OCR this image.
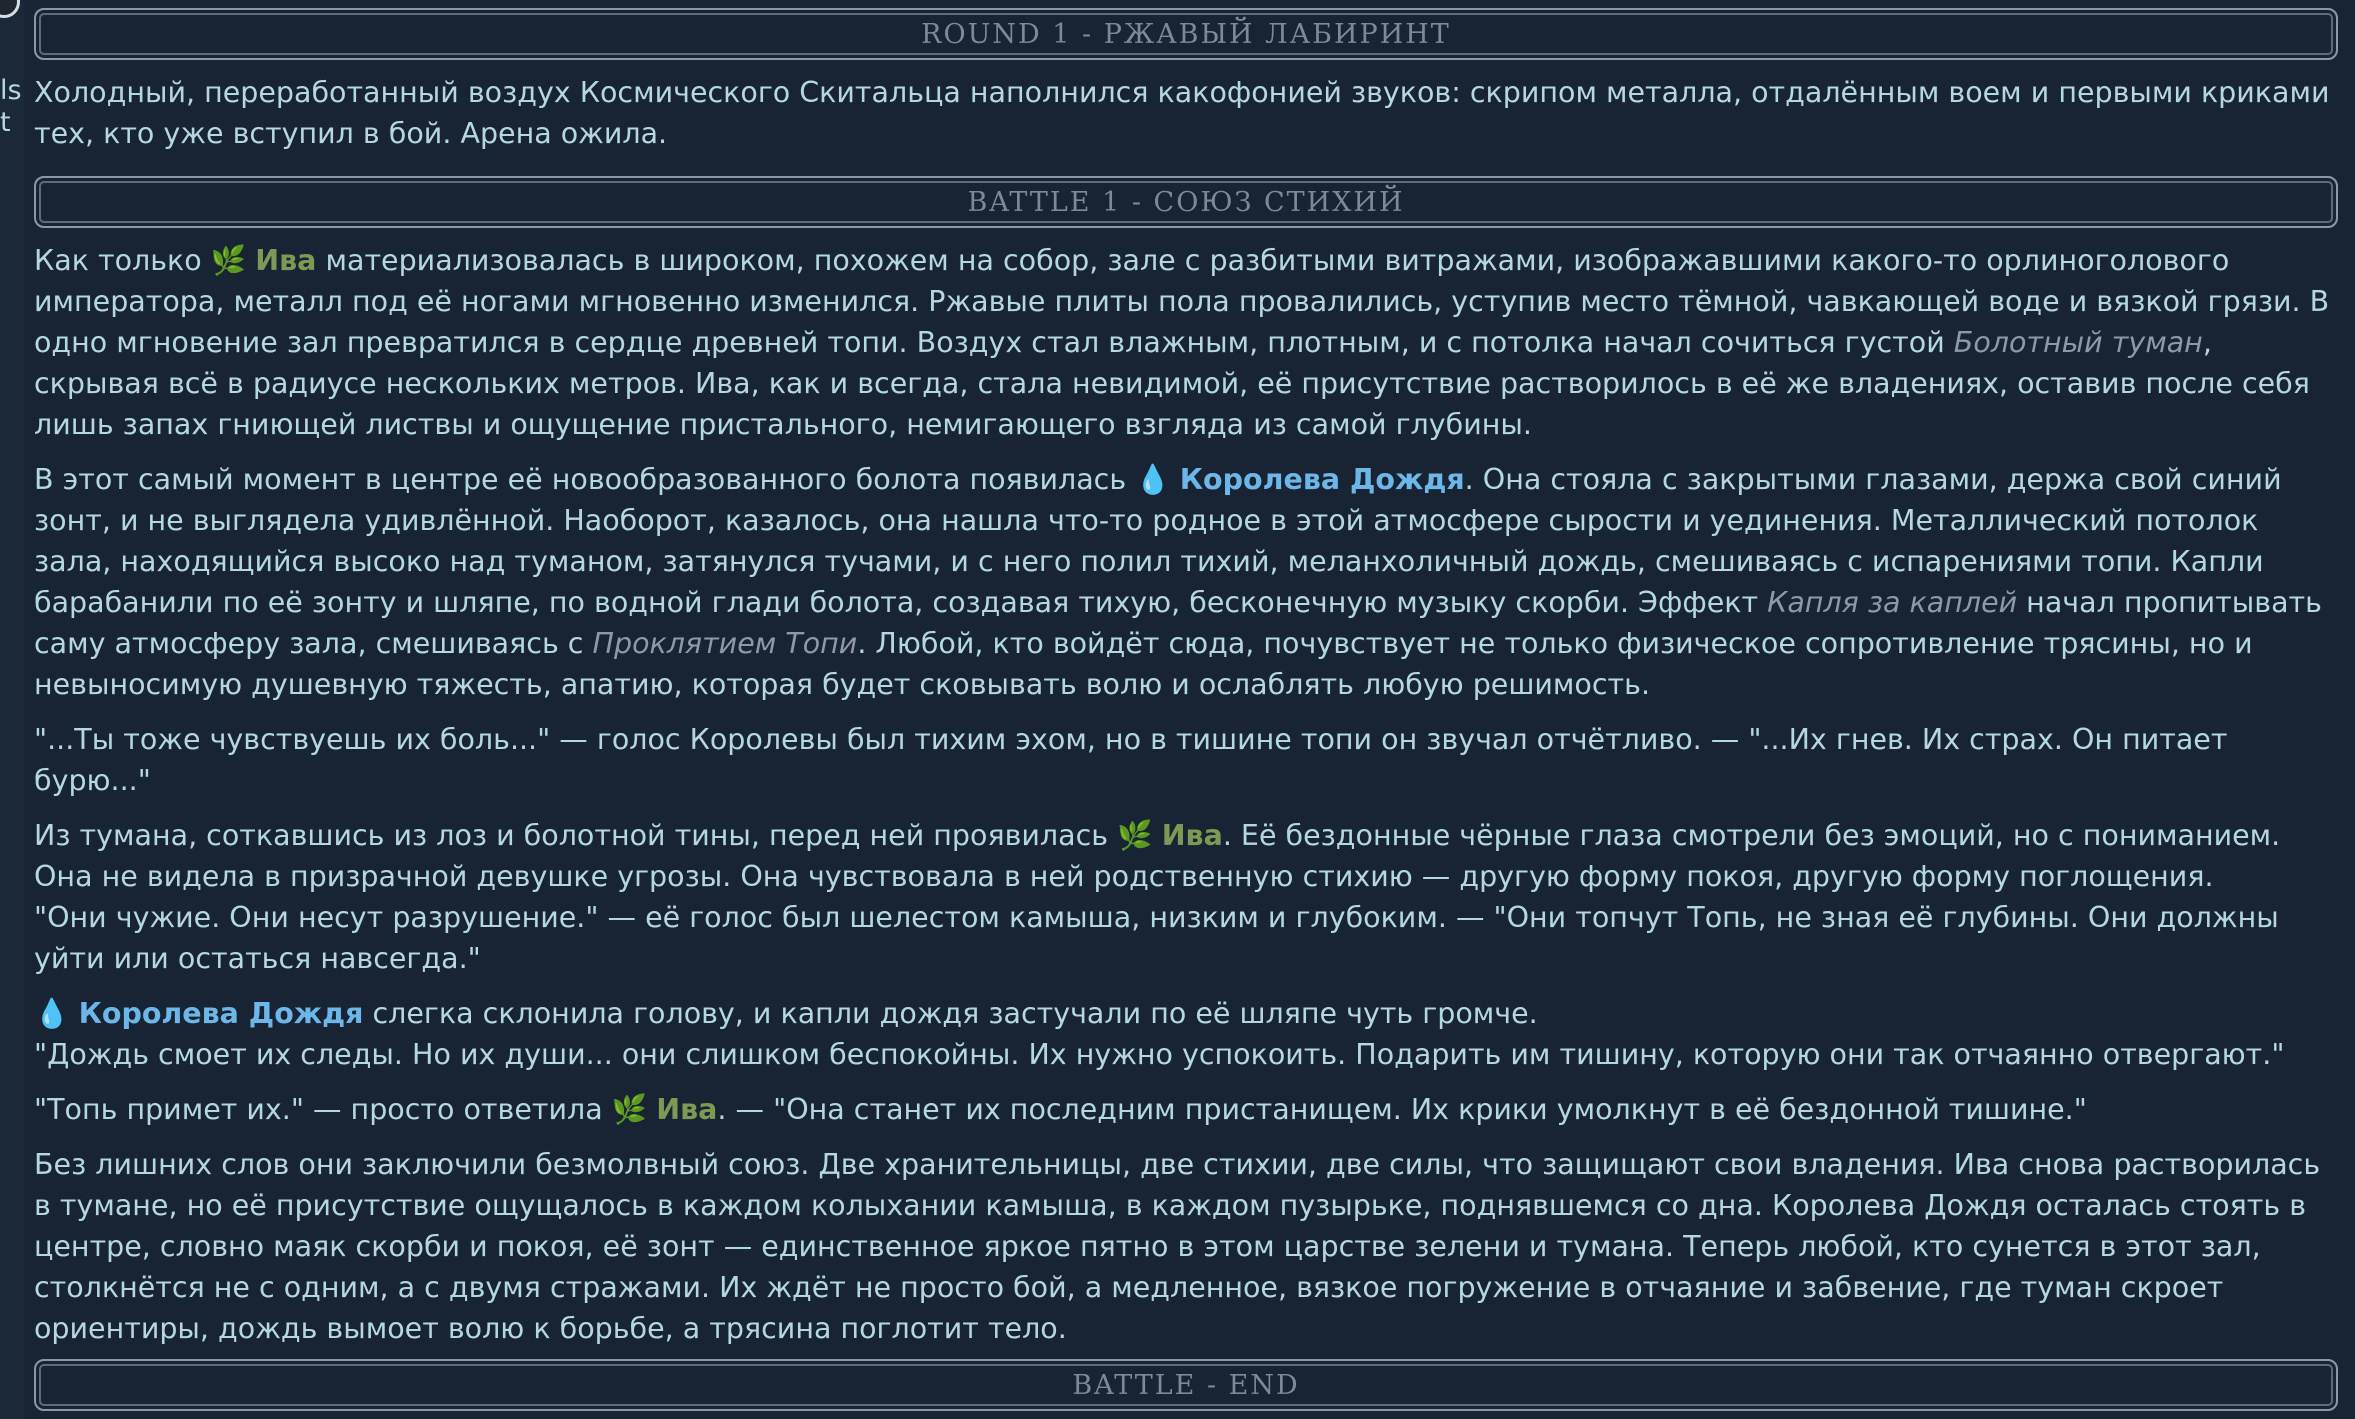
ls
t
ROUND 1 - РЖАВЫЙ ЛАБИРИНТ

Холодный, переработанный воздух Космического Скитальца наполнился какофонией звуков: скрипом металла, отдалённым воем и первыми криками тех, кто уже вступил в бой. Арена ожила.

BATTLE 1 - СОЮЗ СТИХИЙ

Как только 🌿 Ива материализовалась в широком, похожем на собор, зале с разбитыми витражами, изображавшими какого-то орлиноголового императора, металл под её ногами мгновенно изменился. Ржавые плиты пола провалились, уступив место тёмной, чавкающей воде и вязкой грязи. В одно мгновение зал превратился в сердце древней топи. Воздух стал влажным, плотным, и с потолка начал сочиться густой Болотный туман, скрывая всё в радиусе нескольких метров. Ива, как и всегда, стала невидимой, её присутствие растворилось в её же владениях, оставив после себя лишь запах гниющей листвы и ощущение пристального, немигающего взгляда из самой глубины.

В этот самый момент в центре её новообразованного болота появилась 💧 Королева Дождя. Она стояла с закрытыми глазами, держа свой синий зонт, и не выглядела удивлённой. Наоборот, казалось, она нашла что-то родное в этой атмосфере сырости и уединения. Металлический потолок зала, находящийся высоко над туманом, затянулся тучами, и с него полил тихий, меланхоличный дождь, смешиваясь с испарениями топи. Капли барабанили по её зонту и шляпе, по водной глади болота, создавая тихую, бесконечную музыку скорби. Эффект Капля за каплей начал пропитывать саму атмосферу зала, смешиваясь с Проклятием Топи. Любой, кто войдёт сюда, почувствует не только физическое сопротивление трясины, но и невыносимую душевную тяжесть, апатию, которая будет сковывать волю и ослаблять любую решимость.

"...Ты тоже чувствуешь их боль..." — голос Королевы был тихим эхом, но в тишине топи он звучал отчётливо. — "...Их гнев. Их страх. Он питает бурю..."

Из тумана, соткавшись из лоз и болотной тины, перед ней проявилась 🌿 Ива. Её бездонные чёрные глаза смотрели без эмоций, но с пониманием. Она не видела в призрачной девушке угрозы. Она чувствовала в ней родственную стихию — другую форму покоя, другую форму поглощения.
"Они чужие. Они несут разрушение." — её голос был шелестом камыша, низким и глубоким. — "Они топчут Топь, не зная её глубины. Они должны уйти или остаться навсегда."

💧 Королева Дождя слегка склонила голову, и капли дождя застучали по её шляпе чуть громче.
"Дождь смоет их следы. Но их души... они слишком беспокойны. Их нужно успокоить. Подарить им тишину, которую они так отчаянно отвергают."

"Топь примет их." — просто ответила 🌿 Ива. — "Она станет их последним пристанищем. Их крики умолкнут в её бездонной тишине."

Без лишних слов они заключили безмолвный союз. Две хранительницы, две стихии, две силы, что защищают свои владения. Ива снова растворилась в тумане, но её присутствие ощущалось в каждом колыхании камыша, в каждом пузырьке, поднявшемся со дна. Королева Дождя осталась стоять в центре, словно маяк скорби и покоя, её зонт — единственное яркое пятно в этом царстве зелени и тумана. Теперь любой, кто сунется в этот зал, столкнётся не с одним, а с двумя стражами. Их ждёт не просто бой, а медленное, вязкое погружение в отчаяние и забвение, где туман скроет ориентиры, дождь вымоет волю к борьбе, а трясина поглотит тело.

BATTLE - END
